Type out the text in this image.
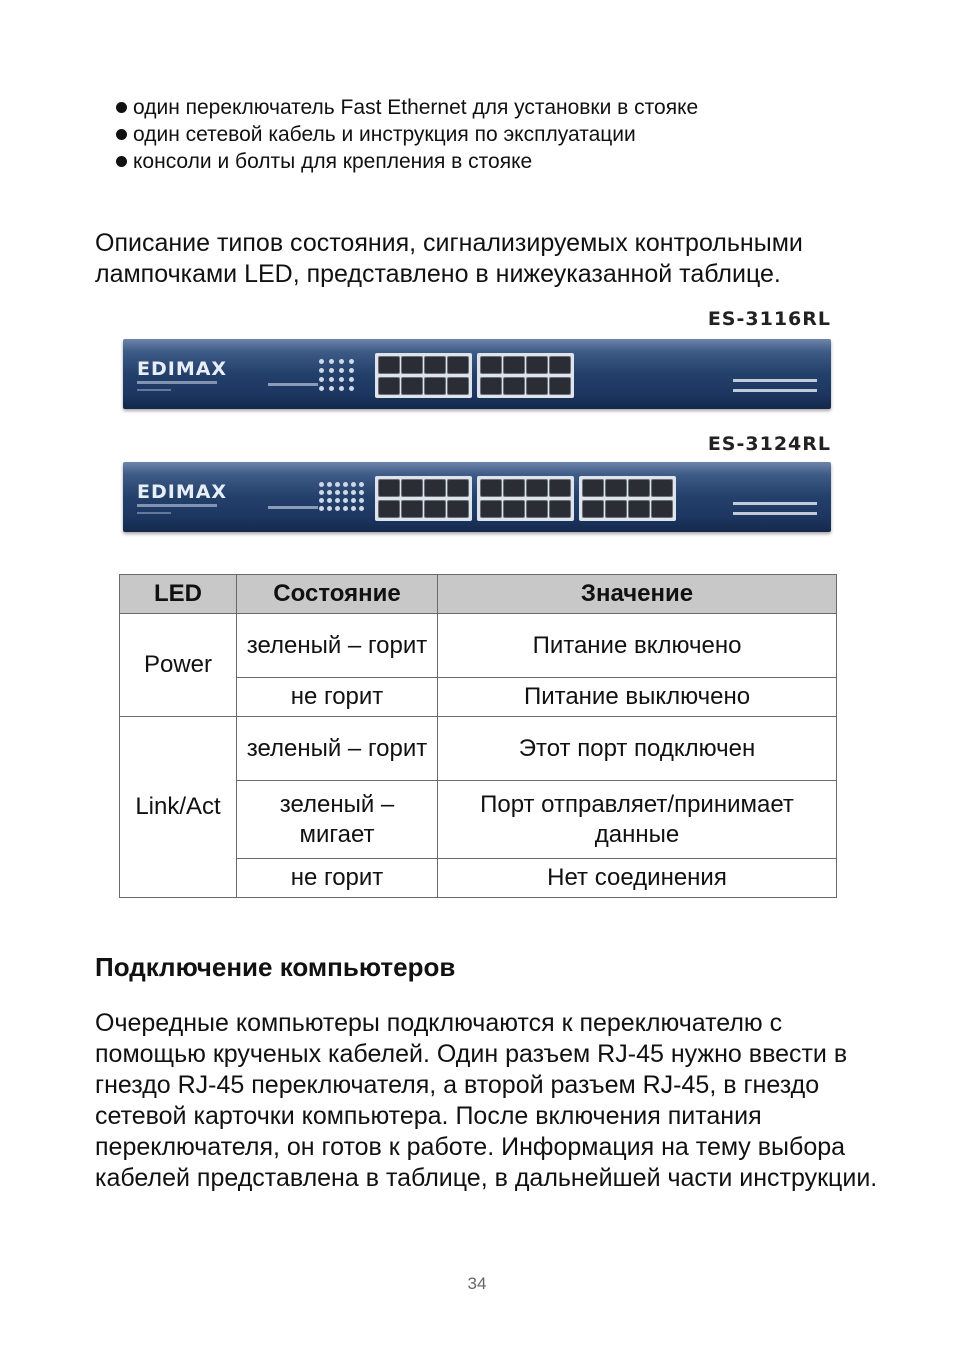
один переключатель Fast Ethernet для установки в стояке
один сетевой кабель и инструкция по эксплуатации
консоли и болты для крепления в стояке

Описание типов состояния, сигнализируемых контрольными лампочками LED, представлено в нижеуказанной таблице.

ES-3116RL
EDIMAX
ES-3124RL
EDIMAX
LED	Состояние	Значение
Power	зеленый – горит	Питание включено
	не горит	Питание выключено
Link/Act	зеленый – горит	Этот порт подключен
	зеленый – мигает	Порт отправляет/принимает данные
	не горит	Нет соединения
Подключение компьютеров

Очередные компьютеры подключаются к переключателю с помощью крученых кабелей. Один разъем RJ-45 нужно ввести в гнездо RJ-45 переключателя, а второй разъем RJ-45, в гнездо сетевой карточки компьютера. После включения питания переключателя, он готов к работе. Информация на тему выбора кабелей представлена в таблице, в дальнейшей части инструкции.

34
